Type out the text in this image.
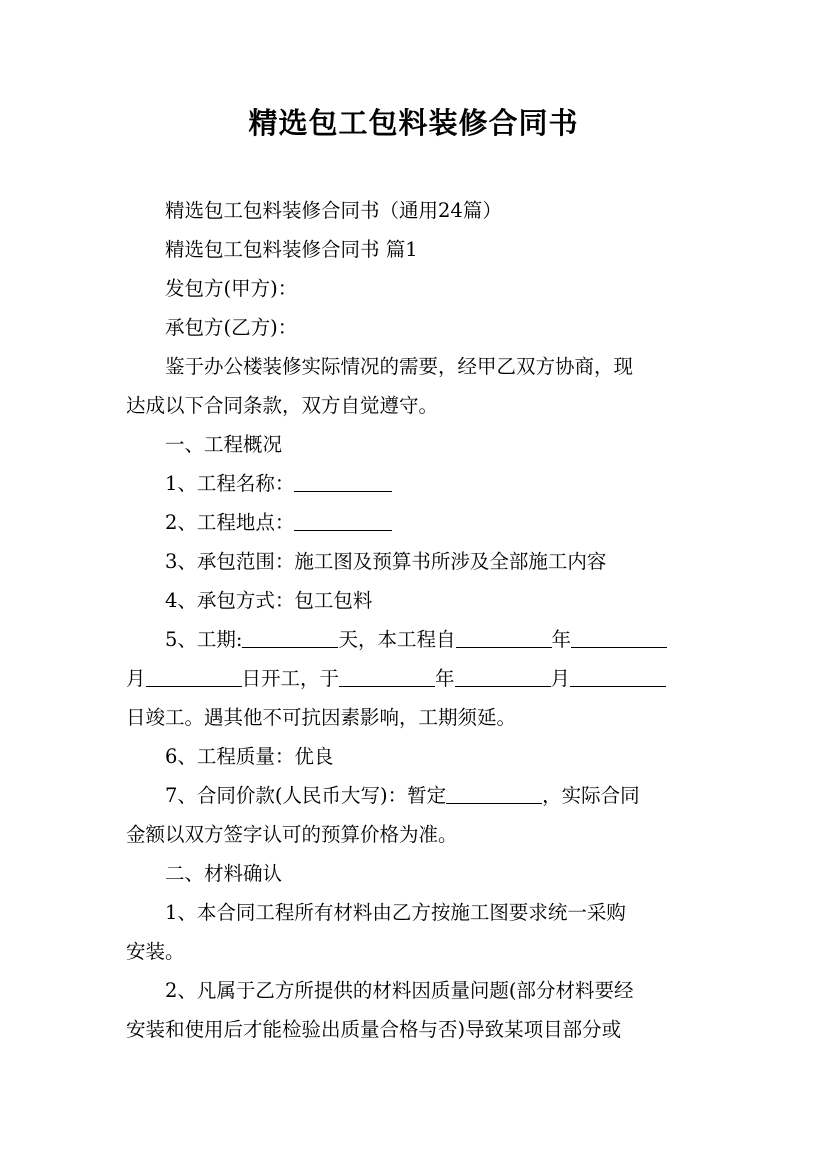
精选包工包料装修合同书
精选包工包料装修合同书（通用24篇）
精选包工包料装修合同书 篇1
发包方(甲方)：
承包方(乙方)：
鉴于办公楼装修实际情况的需要，经甲乙双方协商，现
达成以下合同条款，双方自觉遵守。
一、工程概况
1、工程名称：
2、工程地点：
3、承包范围：施工图及预算书所涉及全部施工内容
4、承包方式：包工包料
5、工期:	天，本工程自	年
月	日开工，于	年	月
日竣工。遇其他不可抗因素影响，工期须延。
6、工程质量：优良
7、合同价款(人民币大写)：暂定	，实际合同
金额以双方签字认可的预算价格为准。
二、材料确认
1、本合同工程所有材料由乙方按施工图要求统一采购
安装。
2、凡属于乙方所提供的材料因质量问题(部分材料要经
安装和使用后才能检验出质量合格与否)导致某项目部分或
